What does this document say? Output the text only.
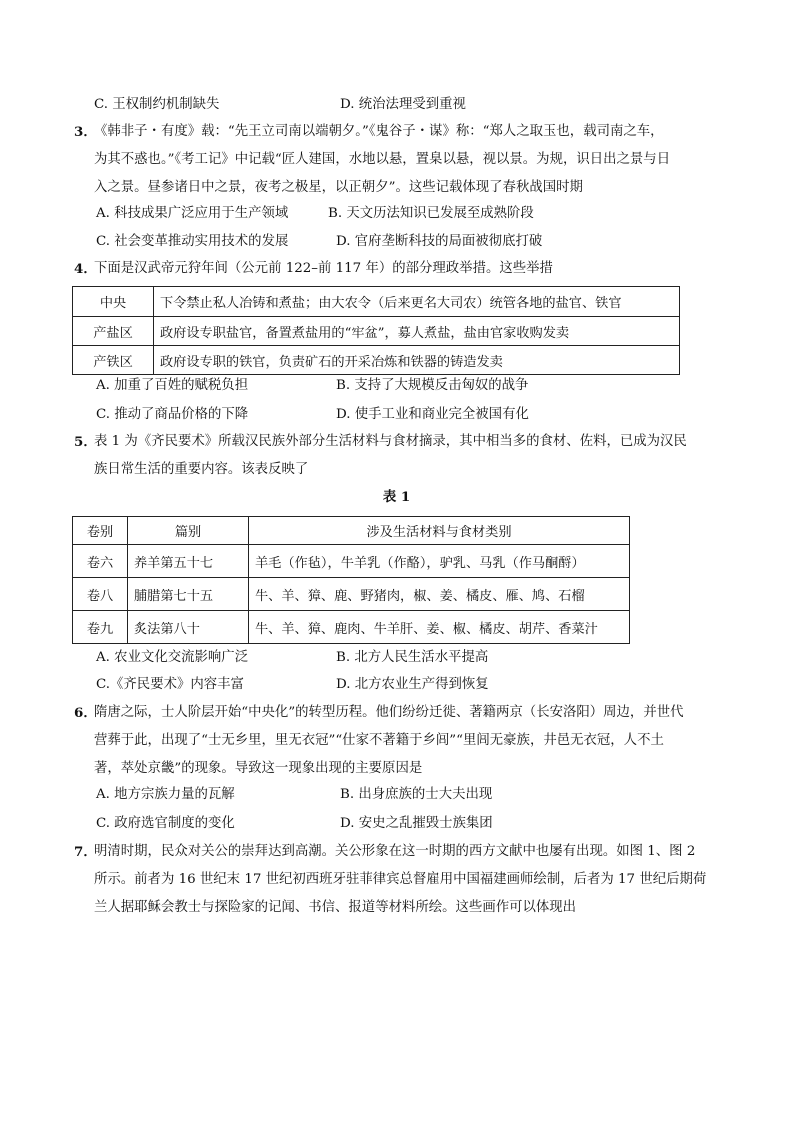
C. 王权制约机制缺失	D. 统治法理受到重视
3．
《韩非子・有度》载：“先王立司南以端朝夕。”《鬼谷子・谋》称：“郑人之取玉也，载司南之车，
为其不惑也。”《考工记》中记载“匠人建国，水地以悬，置臬以悬，视以景。为规，识日出之景与日
入之景。昼参诸日中之景，夜考之极星，以正朝夕”。这些记载体现了春秋战国时期
A. 科技成果广泛应用于生产领域	B. 天文历法知识已发展至成熟阶段
C. 社会变革推动实用技术的发展	D. 官府垄断科技的局面被彻底打破
4．
下面是汉武帝元狩年间（公元前 122–前 117 年）的部分理政举措。这些举措
中央	下令禁止私人冶铸和煮盐；由大农令（后来更名大司农）统管各地的盐官、铁官
产盐区	政府设专职盐官，备置煮盐用的“牢盆”，募人煮盐，盐由官家收购发卖
产铁区	政府设专职的铁官，负责矿石的开采冶炼和铁器的铸造发卖
A. 加重了百姓的赋税负担	B. 支持了大规模反击匈奴的战争
C. 推动了商品价格的下降	D. 使手工业和商业完全被国有化
5．
表 1 为《齐民要术》所载汉民族外部分生活材料与食材摘录，其中相当多的食材、佐料，已成为汉民
族日常生活的重要内容。该表反映了
表 1
卷别	篇别	涉及生活材料与食材类别
卷六	养羊第五十七	羊毛（作毡），牛羊乳（作酪），驴乳、马乳（作马酮酹）
卷八	脯腊第七十五	牛、羊、獐、鹿、野猪肉，椒、姜、橘皮、雁、鸠、石榴
卷九	炙法第八十	牛、羊、獐、鹿肉、牛羊肝、姜、椒、橘皮、胡芹、香菜汁
A. 农业文化交流影响广泛	B. 北方人民生活水平提高
C.《齐民要术》内容丰富	D. 北方农业生产得到恢复
6．
隋唐之际，士人阶层开始“中央化”的转型历程。他们纷纷迁徙、著籍两京（长安洛阳）周边，并世代
营葬于此，出现了“士无乡里，里无衣冠”“仕家不著籍于乡闾”“里闾无豪族，井邑无衣冠，人不土
著，萃处京畿”的现象。导致这一现象出现的主要原因是
A. 地方宗族力量的瓦解	B. 出身庶族的士大夫出现
C. 政府选官制度的变化	D. 安史之乱摧毁士族集团
7．
明清时期，民众对关公的崇拜达到高潮。关公形象在这一时期的西方文献中也屡有出现。如图 1、图 2
所示。前者为 16 世纪末 17 世纪初西班牙驻菲律宾总督雇用中国福建画师绘制，后者为 17 世纪后期荷
兰人据耶稣会教士与探险家的记闻、书信、报道等材料所绘。这些画作可以体现出
